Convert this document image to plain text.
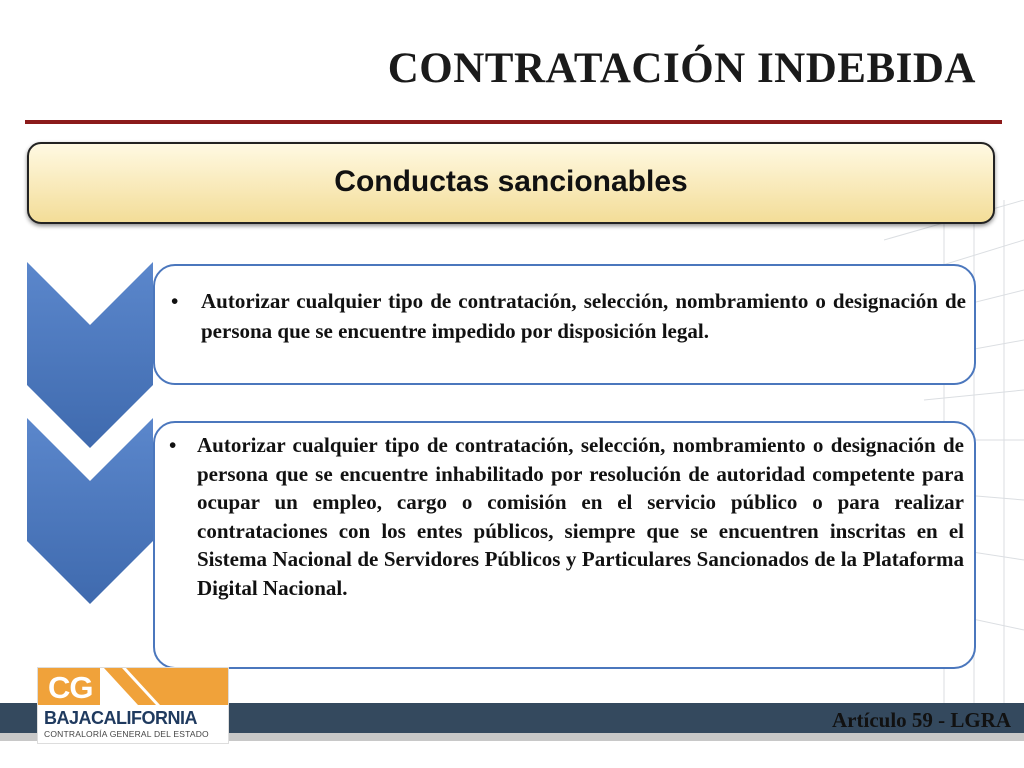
CONTRATACIÓN INDEBIDA
Conductas sancionables
•	Autorizar cualquier tipo de contratación, selección, nombramiento o designación de persona que se encuentre impedido por disposición legal.
• Autorizar cualquier tipo de contratación, selección, nombramiento o designación de persona que se encuentre inhabilitado por resolución de autoridad competente para ocupar un empleo, cargo o comisión en el servicio público o para realizar contrataciones con los entes públicos, siempre que se encuentren inscritas en el Sistema Nacional de Servidores Públicos y Particulares Sancionados de la Plataforma Digital Nacional.
CG
BAJACALIFORNIA
CONTRALORÍA GENERAL DEL ESTADO
Artículo 59 - LGRA
